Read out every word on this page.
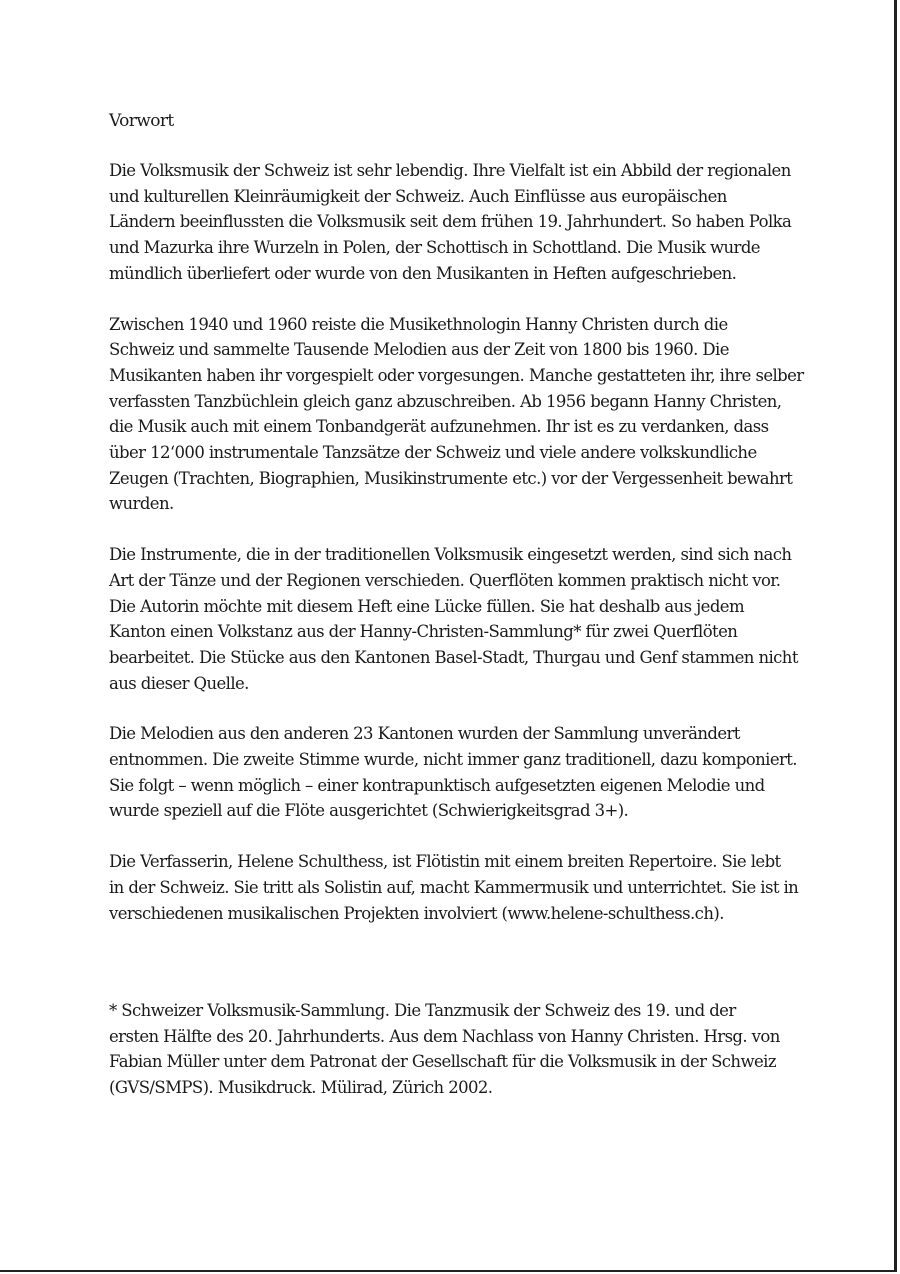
Vorwort
Die Volksmusik der Schweiz ist sehr lebendig. Ihre Vielfalt ist ein Abbild der regionalen
und kulturellen Kleinräumigkeit der Schweiz. Auch Einflüsse aus europäischen
Ländern beeinflussten die Volksmusik seit dem frühen 19. Jahrhundert. So haben Polka
und Mazurka ihre Wurzeln in Polen, der Schottisch in Schottland. Die Musik wurde
mündlich überliefert oder wurde von den Musikanten in Heften aufgeschrieben.
Zwischen 1940 und 1960 reiste die Musikethnologin Hanny Christen durch die
Schweiz und sammelte Tausende Melodien aus der Zeit von 1800 bis 1960. Die
Musikanten haben ihr vorgespielt oder vorgesungen. Manche gestatteten ihr, ihre selber
verfassten Tanzbüchlein gleich ganz abzuschreiben. Ab 1956 begann Hanny Christen,
die Musik auch mit einem Tonbandgerät aufzunehmen. Ihr ist es zu verdanken, dass
über 12‘000 instrumentale Tanzsätze der Schweiz und viele andere volkskundliche
Zeugen (Trachten, Biographien, Musikinstrumente etc.) vor der Vergessenheit bewahrt
wurden.
Die Instrumente, die in der traditionellen Volksmusik eingesetzt werden, sind sich nach
Art der Tänze und der Regionen verschieden. Querflöten kommen praktisch nicht vor.
Die Autorin möchte mit diesem Heft eine Lücke füllen. Sie hat deshalb aus jedem
Kanton einen Volkstanz aus der Hanny-Christen-Sammlung* für zwei Querflöten
bearbeitet. Die Stücke aus den Kantonen Basel-Stadt, Thurgau und Genf stammen nicht
aus dieser Quelle.
Die Melodien aus den anderen 23 Kantonen wurden der Sammlung unverändert
entnommen. Die zweite Stimme wurde, nicht immer ganz traditionell, dazu komponiert.
Sie folgt – wenn möglich – einer kontrapunktisch aufgesetzten eigenen Melodie und
wurde speziell auf die Flöte ausgerichtet (Schwierigkeitsgrad 3+).
Die Verfasserin, Helene Schulthess, ist Flötistin mit einem breiten Repertoire. Sie lebt
in der Schweiz. Sie tritt als Solistin auf, macht Kammermusik und unterrichtet. Sie ist in
verschiedenen musikalischen Projekten involviert (www.helene-schulthess.ch).
* Schweizer Volksmusik-Sammlung. Die Tanzmusik der Schweiz des 19. und der
ersten Hälfte des 20. Jahrhunderts. Aus dem Nachlass von Hanny Christen. Hrsg. von
Fabian Müller unter dem Patronat der Gesellschaft für die Volksmusik in der Schweiz
(GVS/SMPS). Musikdruck. Mülirad, Zürich 2002.
